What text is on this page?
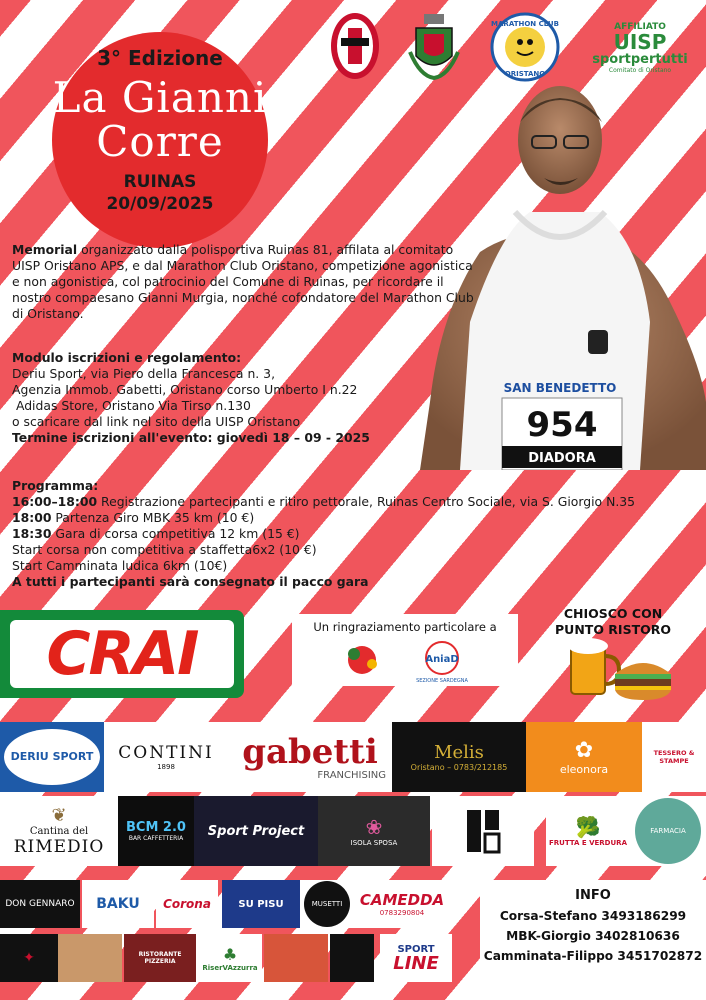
3° Edizione
La Gianni
Corre
RUINAS
20/09/2025
MARATHON CLUB
ORISTANO
AFFILIATO
UISP
sportpertutti
Comitato di Oristano
SAN BENEDETTO
954
DIADORA
Memorial organizzato dalla polisportiva Ruinas 81, affilata al comitato UISP Oristano APS, e dal Marathon Club Oristano, competizione agonistica e non agonistica, col patrocinio del Comune di Ruinas, per ricordare il nostro compaesano Gianni Murgia, nonché cofondatore del Marathon Club di Oristano.
Modulo iscrizioni e regolamento:
Deriu Sport, via Piero della Francesca n. 3,
Agenzia Immob. Gabetti, Oristano corso Umberto I n.22
Adidas Store, Oristano Via Tirso n.130
o scaricare dal link nel sito della UISP Oristano
Termine iscrizioni all'evento: giovedì 18 – 09 - 2025
Programma:
16:00–18:00 Registrazione partecipanti e ritiro pettorale, Ruinas Centro Sociale, via S. Giorgio N.35
18:00 Partenza Giro MBK 35 km (10 €)
18:30 Gara di corsa competitiva 12 km (15 €)
Start corsa non competitiva a staffetta6x2 (10 €)
Start Camminata ludica 6km (10€)
A tutti i partecipanti sarà consegnato il pacco gara
CRAI	Un ringraziamento particolare a
AniaD
SEZIONE SARDEGNA
CHIOSCO CON
PUNTO RISTORO
DERIU SPORT CONTINI
1898 gabetti
FRANCHISING
Melis
Oristano – 0783/212185
✿
eleonora
TESSERO & STAMPE
❦
Cantina del
RIMEDIO
BCM 2.0
BAR CAFFETTERIA Sport Project	❀
ISOLA SPOSA
🥦
FRUTTA E VERDURA
FARMACIA
DON GENNARO BAKU Corona	SU PISU	MUSETTI CAMEDDA
0783290804
✦	RISTORANTE PIZZERIA	♣
RiserVAzzurra
SPORT
LINE
INFO
Corsa-Stefano 3493186299
MBK-Giorgio 3402810636
Camminata-Filippo 3451702872
